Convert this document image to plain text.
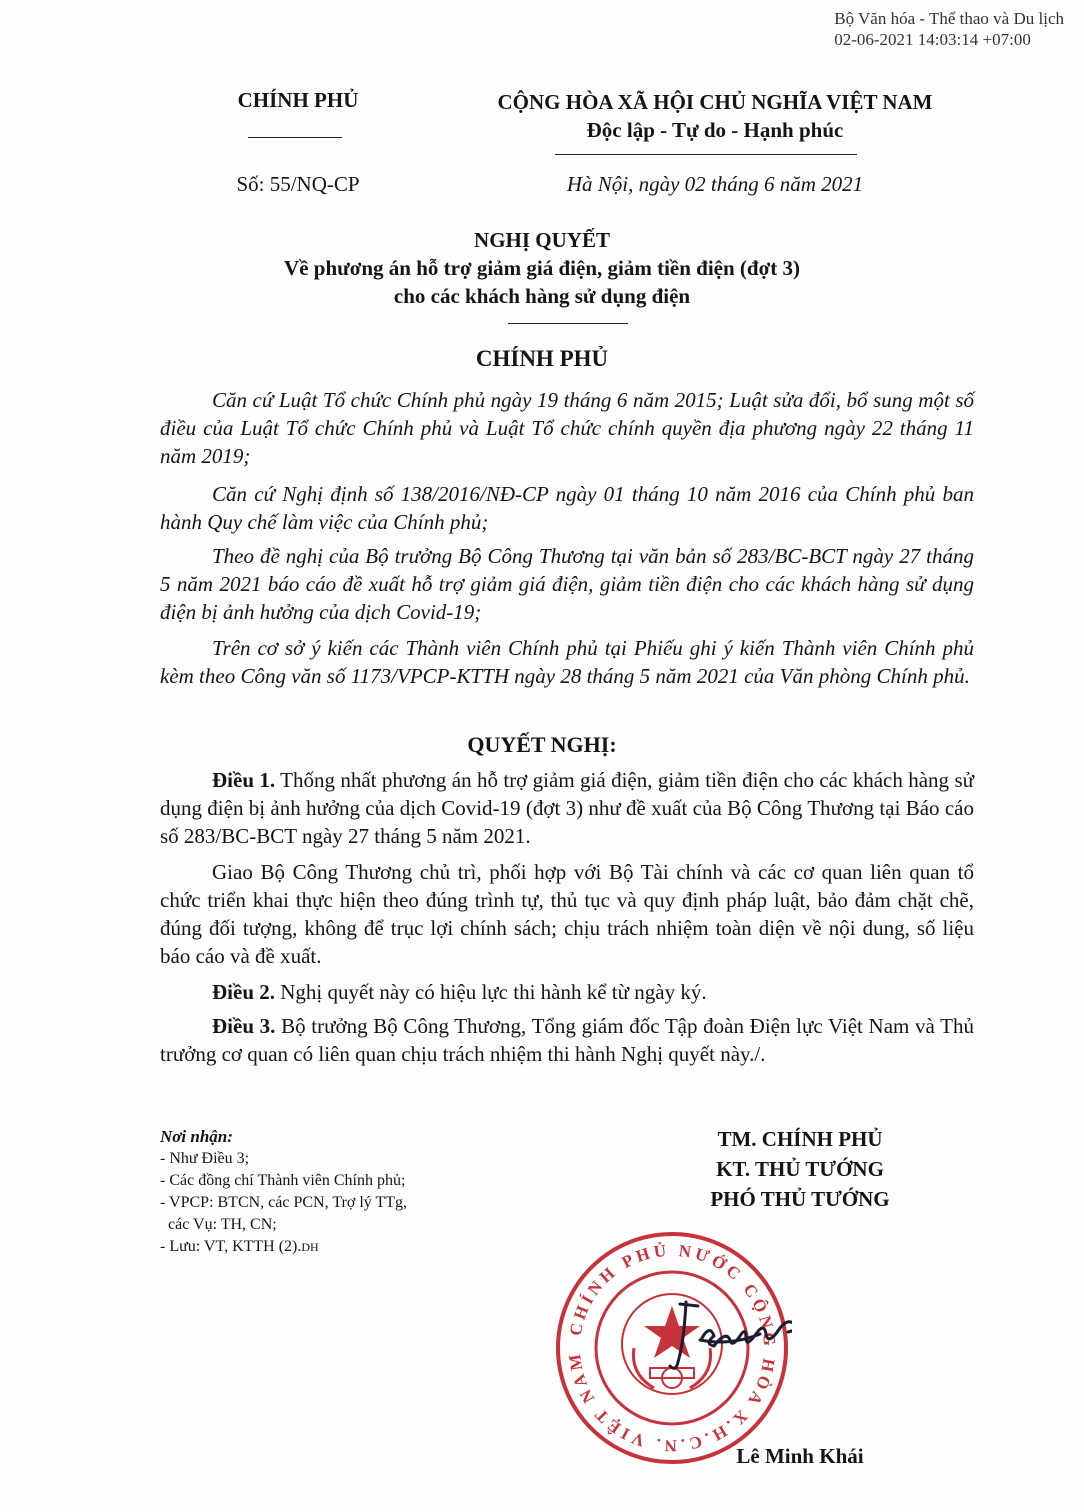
Bộ Văn hóa - Thể thao và Du lịch
02-06-2021 14:03:14 +07:00
CHÍNH PHỦ
Số: 55/NQ-CP
CỘNG HÒA XÃ HỘI CHỦ NGHĨA VIỆT NAM
Độc lập - Tự do - Hạnh phúc
Hà Nội, ngày 02 tháng 6 năm 2021
NGHỊ QUYẾT
Về phương án hỗ trợ giảm giá điện, giảm tiền điện (đợt 3)
cho các khách hàng sử dụng điện
CHÍNH PHỦ
Căn cứ Luật Tổ chức Chính phủ ngày 19 tháng 6 năm 2015; Luật sửa đổi, bổ sung một số điều của Luật Tổ chức Chính phủ và Luật Tổ chức chính quyền địa phương ngày 22 tháng 11 năm 2019;
Căn cứ Nghị định số 138/2016/NĐ-CP ngày 01 tháng 10 năm 2016 của Chính phủ ban hành Quy chế làm việc của Chính phủ;
Theo đề nghị của Bộ trưởng Bộ Công Thương tại văn bản số 283/BC-BCT ngày 27 tháng 5 năm 2021 báo cáo đề xuất hỗ trợ giảm giá điện, giảm tiền điện cho các khách hàng sử dụng điện bị ảnh hưởng của dịch Covid-19;
Trên cơ sở ý kiến các Thành viên Chính phủ tại Phiếu ghi ý kiến Thành viên Chính phủ kèm theo Công văn số 1173/VPCP-KTTH ngày 28 tháng 5 năm 2021 của Văn phòng Chính phủ.
QUYẾT NGHỊ:
Điều 1. Thống nhất phương án hỗ trợ giảm giá điện, giảm tiền điện cho các khách hàng sử dụng điện bị ảnh hưởng của dịch Covid-19 (đợt 3) như đề xuất của Bộ Công Thương tại Báo cáo số 283/BC-BCT ngày 27 tháng 5 năm 2021.
Giao Bộ Công Thương chủ trì, phối hợp với Bộ Tài chính và các cơ quan liên quan tổ chức triển khai thực hiện theo đúng trình tự, thủ tục và quy định pháp luật, bảo đảm chặt chẽ, đúng đối tượng, không để trục lợi chính sách; chịu trách nhiệm toàn diện về nội dung, số liệu báo cáo và đề xuất.
Điều 2. Nghị quyết này có hiệu lực thi hành kể từ ngày ký.
Điều 3. Bộ trưởng Bộ Công Thương, Tổng giám đốc Tập đoàn Điện lực Việt Nam và Thủ trưởng cơ quan có liên quan chịu trách nhiệm thi hành Nghị quyết này./.
Nơi nhận:
- Như Điều 3;
- Các đồng chí Thành viên Chính phủ;
- VPCP: BTCN, các PCN, Trợ lý TTg,
các Vụ: TH, CN;
- Lưu: VT, KTTH (2).DH
TM. CHÍNH PHỦ
KT. THỦ TƯỚNG
PHÓ THỦ TƯỚNG
CHÍNH PHỦ NƯỚC CỘNG HÒA X.H.C.N. VIỆT NAM
Lê Minh Khái
